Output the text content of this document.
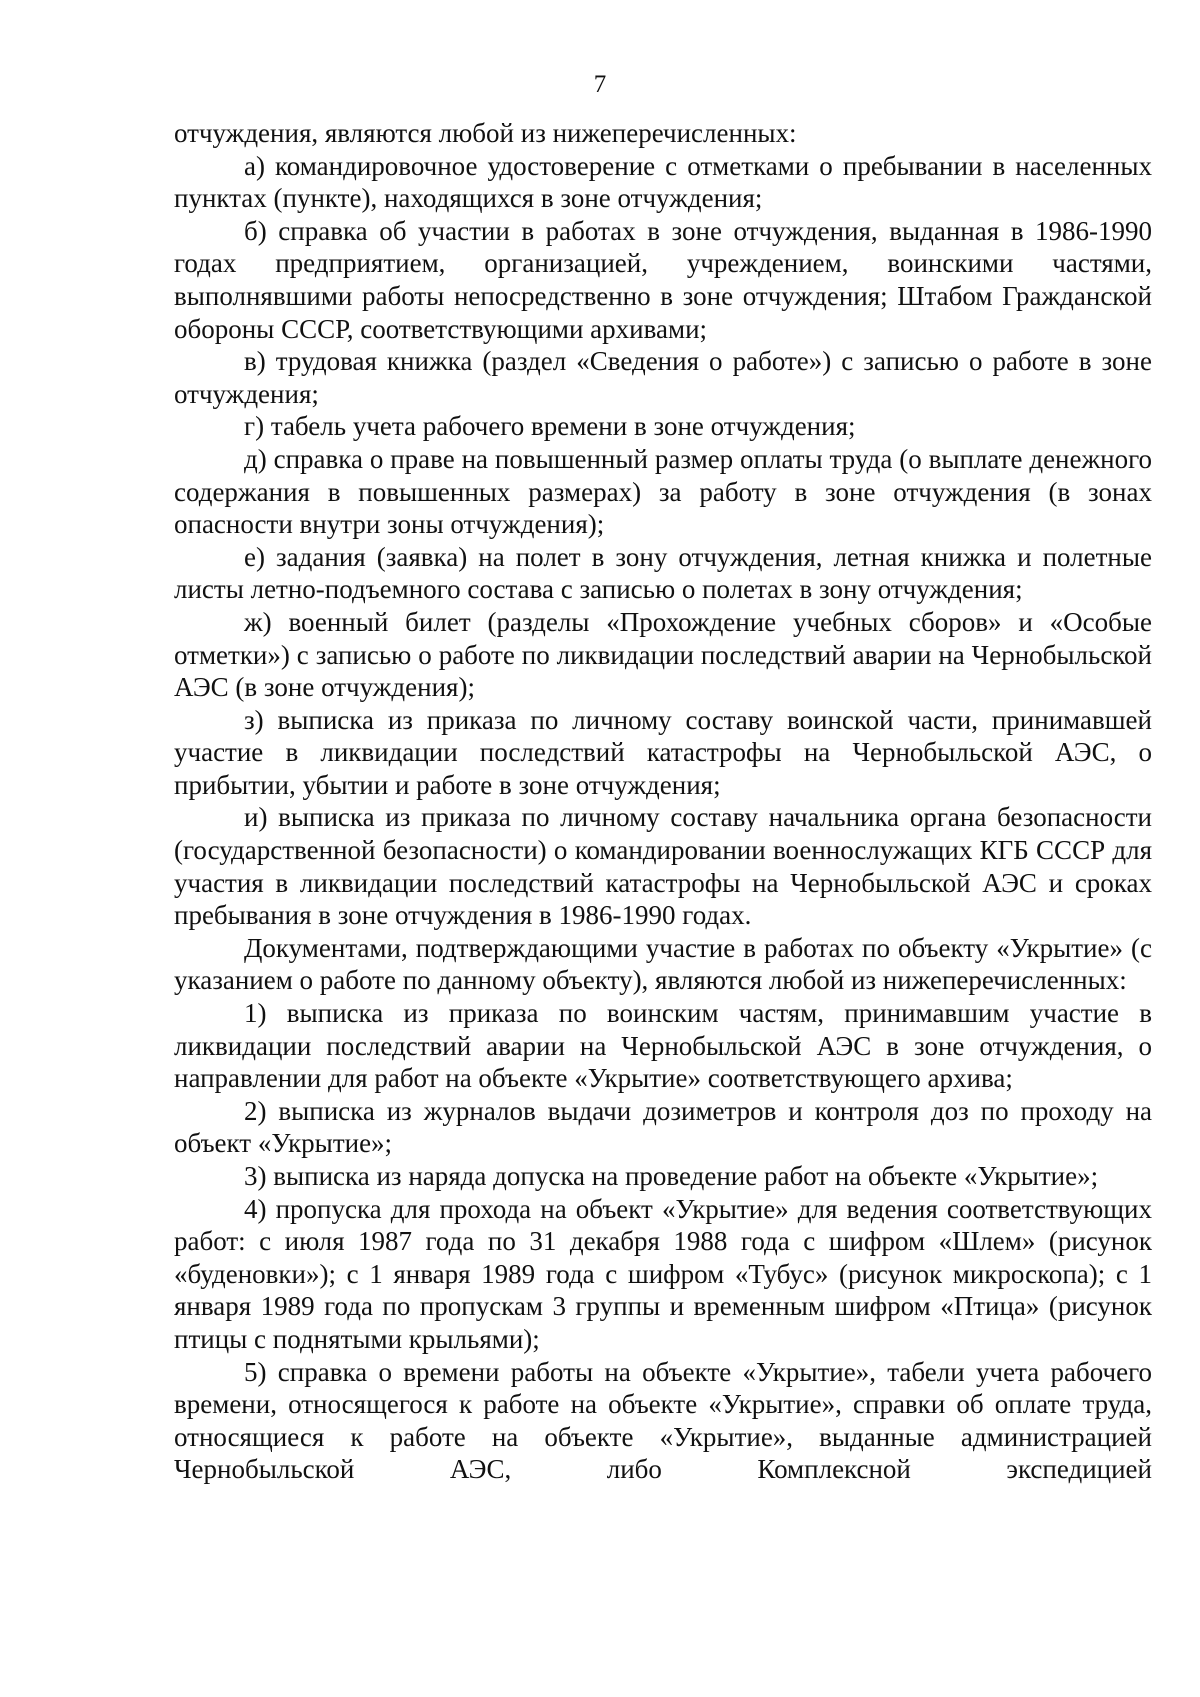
7

отчуждения, являются любой из нижеперечисленных:

а) командировочное удостоверение с отметками о пребывании в населенных пунктах (пункте), находящихся в зоне отчуждения;

б) справка об участии в работах в зоне отчуждения, выданная в 1986-1990 годах предприятием, организацией, учреждением, воинскими частями, выполнявшими работы непосредственно в зоне отчуждения; Штабом Гражданской обороны СССР, соответствующими архивами;

в) трудовая книжка (раздел «Сведения о работе») с записью о работе в зоне отчуждения;

г) табель учета рабочего времени в зоне отчуждения;

д) справка о праве на повышенный размер оплаты труда (о выплате денежного содержания в повышенных размерах) за работу в зоне отчуждения (в зонах опасности внутри зоны отчуждения);

е) задания (заявка) на полет в зону отчуждения, летная книжка и полетные листы летно-подъемного состава с записью о полетах в зону отчуждения;

ж) военный билет (разделы «Прохождение учебных сборов» и «Особые отметки») с записью о работе по ликвидации последствий аварии на Чернобыльской АЭС (в зоне отчуждения);

з) выписка из приказа по личному составу воинской части, принимавшей участие в ликвидации последствий катастрофы на Чернобыльской АЭС, о прибытии, убытии и работе в зоне отчуждения;

и) выписка из приказа по личному составу начальника органа безопасности (государственной безопасности) о командировании военнослужащих КГБ СССР для участия в ликвидации последствий катастрофы на Чернобыльской АЭС и сроках пребывания в зоне отчуждения в 1986-1990 годах.

Документами, подтверждающими участие в работах по объекту «Укрытие» (с указанием о работе по данному объекту), являются любой из нижеперечисленных:

1) выписка из приказа по воинским частям, принимавшим участие в ликвидации последствий аварии на Чернобыльской АЭС в зоне отчуждения, о направлении для работ на объекте «Укрытие» соответствующего архива;

2) выписка из журналов выдачи дозиметров и контроля доз по проходу на объект «Укрытие»;

3) выписка из наряда допуска на проведение работ на объекте «Укрытие»;

4) пропуска для прохода на объект «Укрытие» для ведения соответствующих работ: с июля 1987 года по 31 декабря 1988 года с шифром «Шлем» (рисунок «буденовки»); с 1 января 1989 года с шифром «Тубус» (рисунок микроскопа); с 1 января 1989 года по пропускам 3 группы и временным шифром «Птица» (рисунок птицы с поднятыми крыльями);

5) справка о времени работы на объекте «Укрытие», табели учета рабочего времени, относящегося к работе на объекте «Укрытие», справки об оплате труда, относящиеся к работе на объекте «Укрытие», выданные администрацией Чернобыльской АЭС, либо Комплексной экспедицией
